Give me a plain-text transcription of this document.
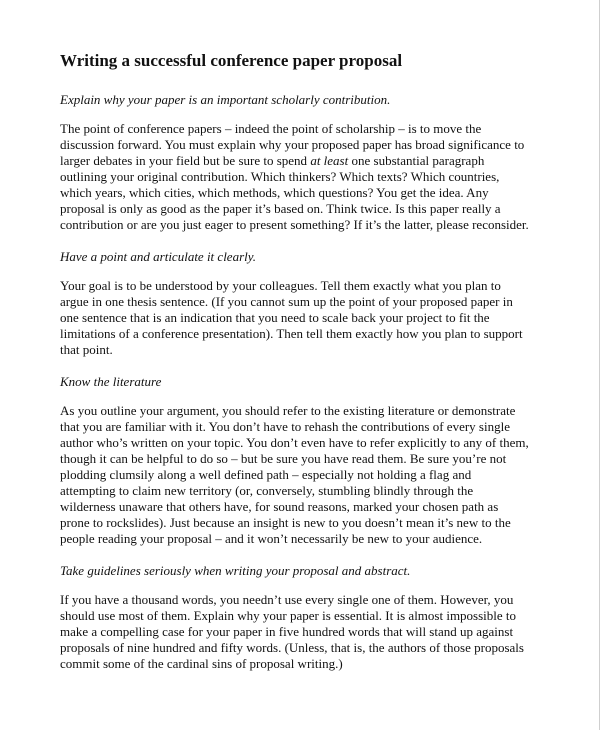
Writing a successful conference paper proposal
Explain why your paper is an important scholarly contribution.

The point of conference papers – indeed the point of scholarship – is to move the discussion forward. You must explain why your proposed paper has broad significance to larger debates in your field but be sure to spend at least one substantial paragraph outlining your original contribution. Which thinkers? Which texts? Which countries, which years, which cities, which methods, which questions? You get the idea. Any proposal is only as good as the paper it’s based on. Think twice. Is this paper really a contribution or are you just eager to present something? If it’s the latter, please reconsider.

Have a point and articulate it clearly.

Your goal is to be understood by your colleagues. Tell them exactly what you plan to argue in one thesis sentence. (If you cannot sum up the point of your proposed paper in one sentence that is an indication that you need to scale back your project to fit the limitations of a conference presentation). Then tell them exactly how you plan to support that point.

Know the literature

As you outline your argument, you should refer to the existing literature or demonstrate that you are familiar with it. You don’t have to rehash the contributions of every single author who’s written on your topic. You don’t even have to refer explicitly to any of them, though it can be helpful to do so – but be sure you have read them. Be sure you’re not plodding clumsily along a well defined path – especially not holding a flag and attempting to claim new territory (or, conversely, stumbling blindly through the wilderness unaware that others have, for sound reasons, marked your chosen path as prone to rockslides). Just because an insight is new to you doesn’t mean it’s new to the people reading your proposal – and it won’t necessarily be new to your audience.

Take guidelines seriously when writing your proposal and abstract.

If you have a thousand words, you needn’t use every single one of them. However, you should use most of them. Explain why your paper is essential. It is almost impossible to make a compelling case for your paper in five hundred words that will stand up against proposals of nine hundred and fifty words. (Unless, that is, the authors of those proposals commit some of the cardinal sins of proposal writing.)
